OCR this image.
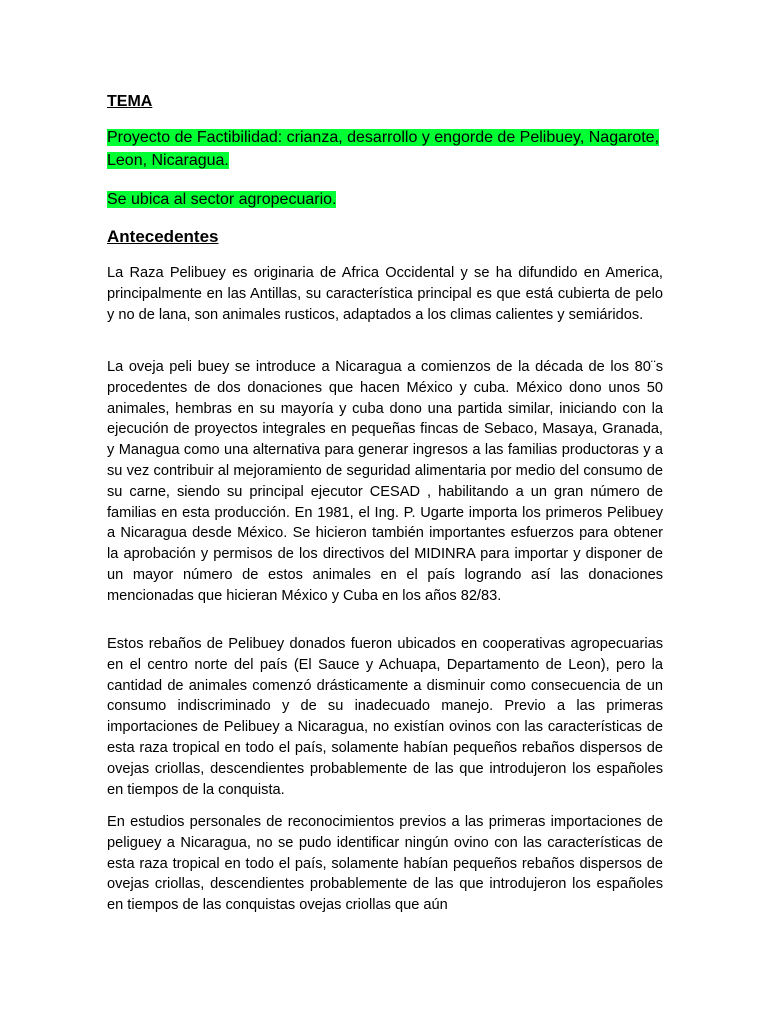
TEMA

Proyecto de Factibilidad: crianza, desarrollo y engorde de Pelibuey, Nagarote, Leon, Nicaragua.

Se ubica al sector agropecuario.

Antecedentes

La Raza Pelibuey es originaria de Africa Occidental y se ha difundido en America, principalmente en las Antillas, su característica principal es que está cubierta de pelo y no de lana, son animales rusticos, adaptados a los climas calientes y semiáridos.

La oveja peli buey se introduce a Nicaragua a comienzos de la década de los 80¨s procedentes de dos donaciones que hacen México y cuba. México dono unos 50 animales, hembras en su mayoría y cuba dono una partida similar, iniciando con la ejecución de proyectos integrales en pequeñas fincas de Sebaco, Masaya, Granada, y Managua como una alternativa para generar ingresos a las familias productoras y a su vez contribuir al mejoramiento de seguridad alimentaria por medio del consumo de su carne, siendo su principal ejecutor CESAD , habilitando a un gran número de familias en esta producción. En 1981, el Ing. P. Ugarte importa los primeros Pelibuey a Nicaragua desde México. Se hicieron también importantes esfuerzos para obtener la aprobación y permisos de los directivos del MIDINRA para importar y disponer de un mayor número de estos animales en el país logrando así las donaciones mencionadas que hicieran México y Cuba en los años 82/83.

Estos rebaños de Pelibuey donados fueron ubicados en cooperativas agropecuarias en el centro norte del país (El Sauce y Achuapa, Departamento de Leon), pero la cantidad de animales comenzó drásticamente a disminuir como consecuencia de un consumo indiscriminado y de su inadecuado manejo. Previo a las primeras importaciones de Pelibuey a Nicaragua, no existían ovinos con las características de esta raza tropical en todo el país, solamente habían pequeños rebaños dispersos de ovejas criollas, descendientes probablemente de las que introdujeron los españoles en tiempos de la conquista.

En estudios personales de reconocimientos previos a las primeras importaciones de peliguey a Nicaragua, no se pudo identificar ningún ovino con las características de esta raza tropical en todo el país, solamente habían pequeños rebaños dispersos de ovejas criollas, descendientes probablemente de las que introdujeron los españoles en tiempos de las conquistas ovejas criollas que aún
